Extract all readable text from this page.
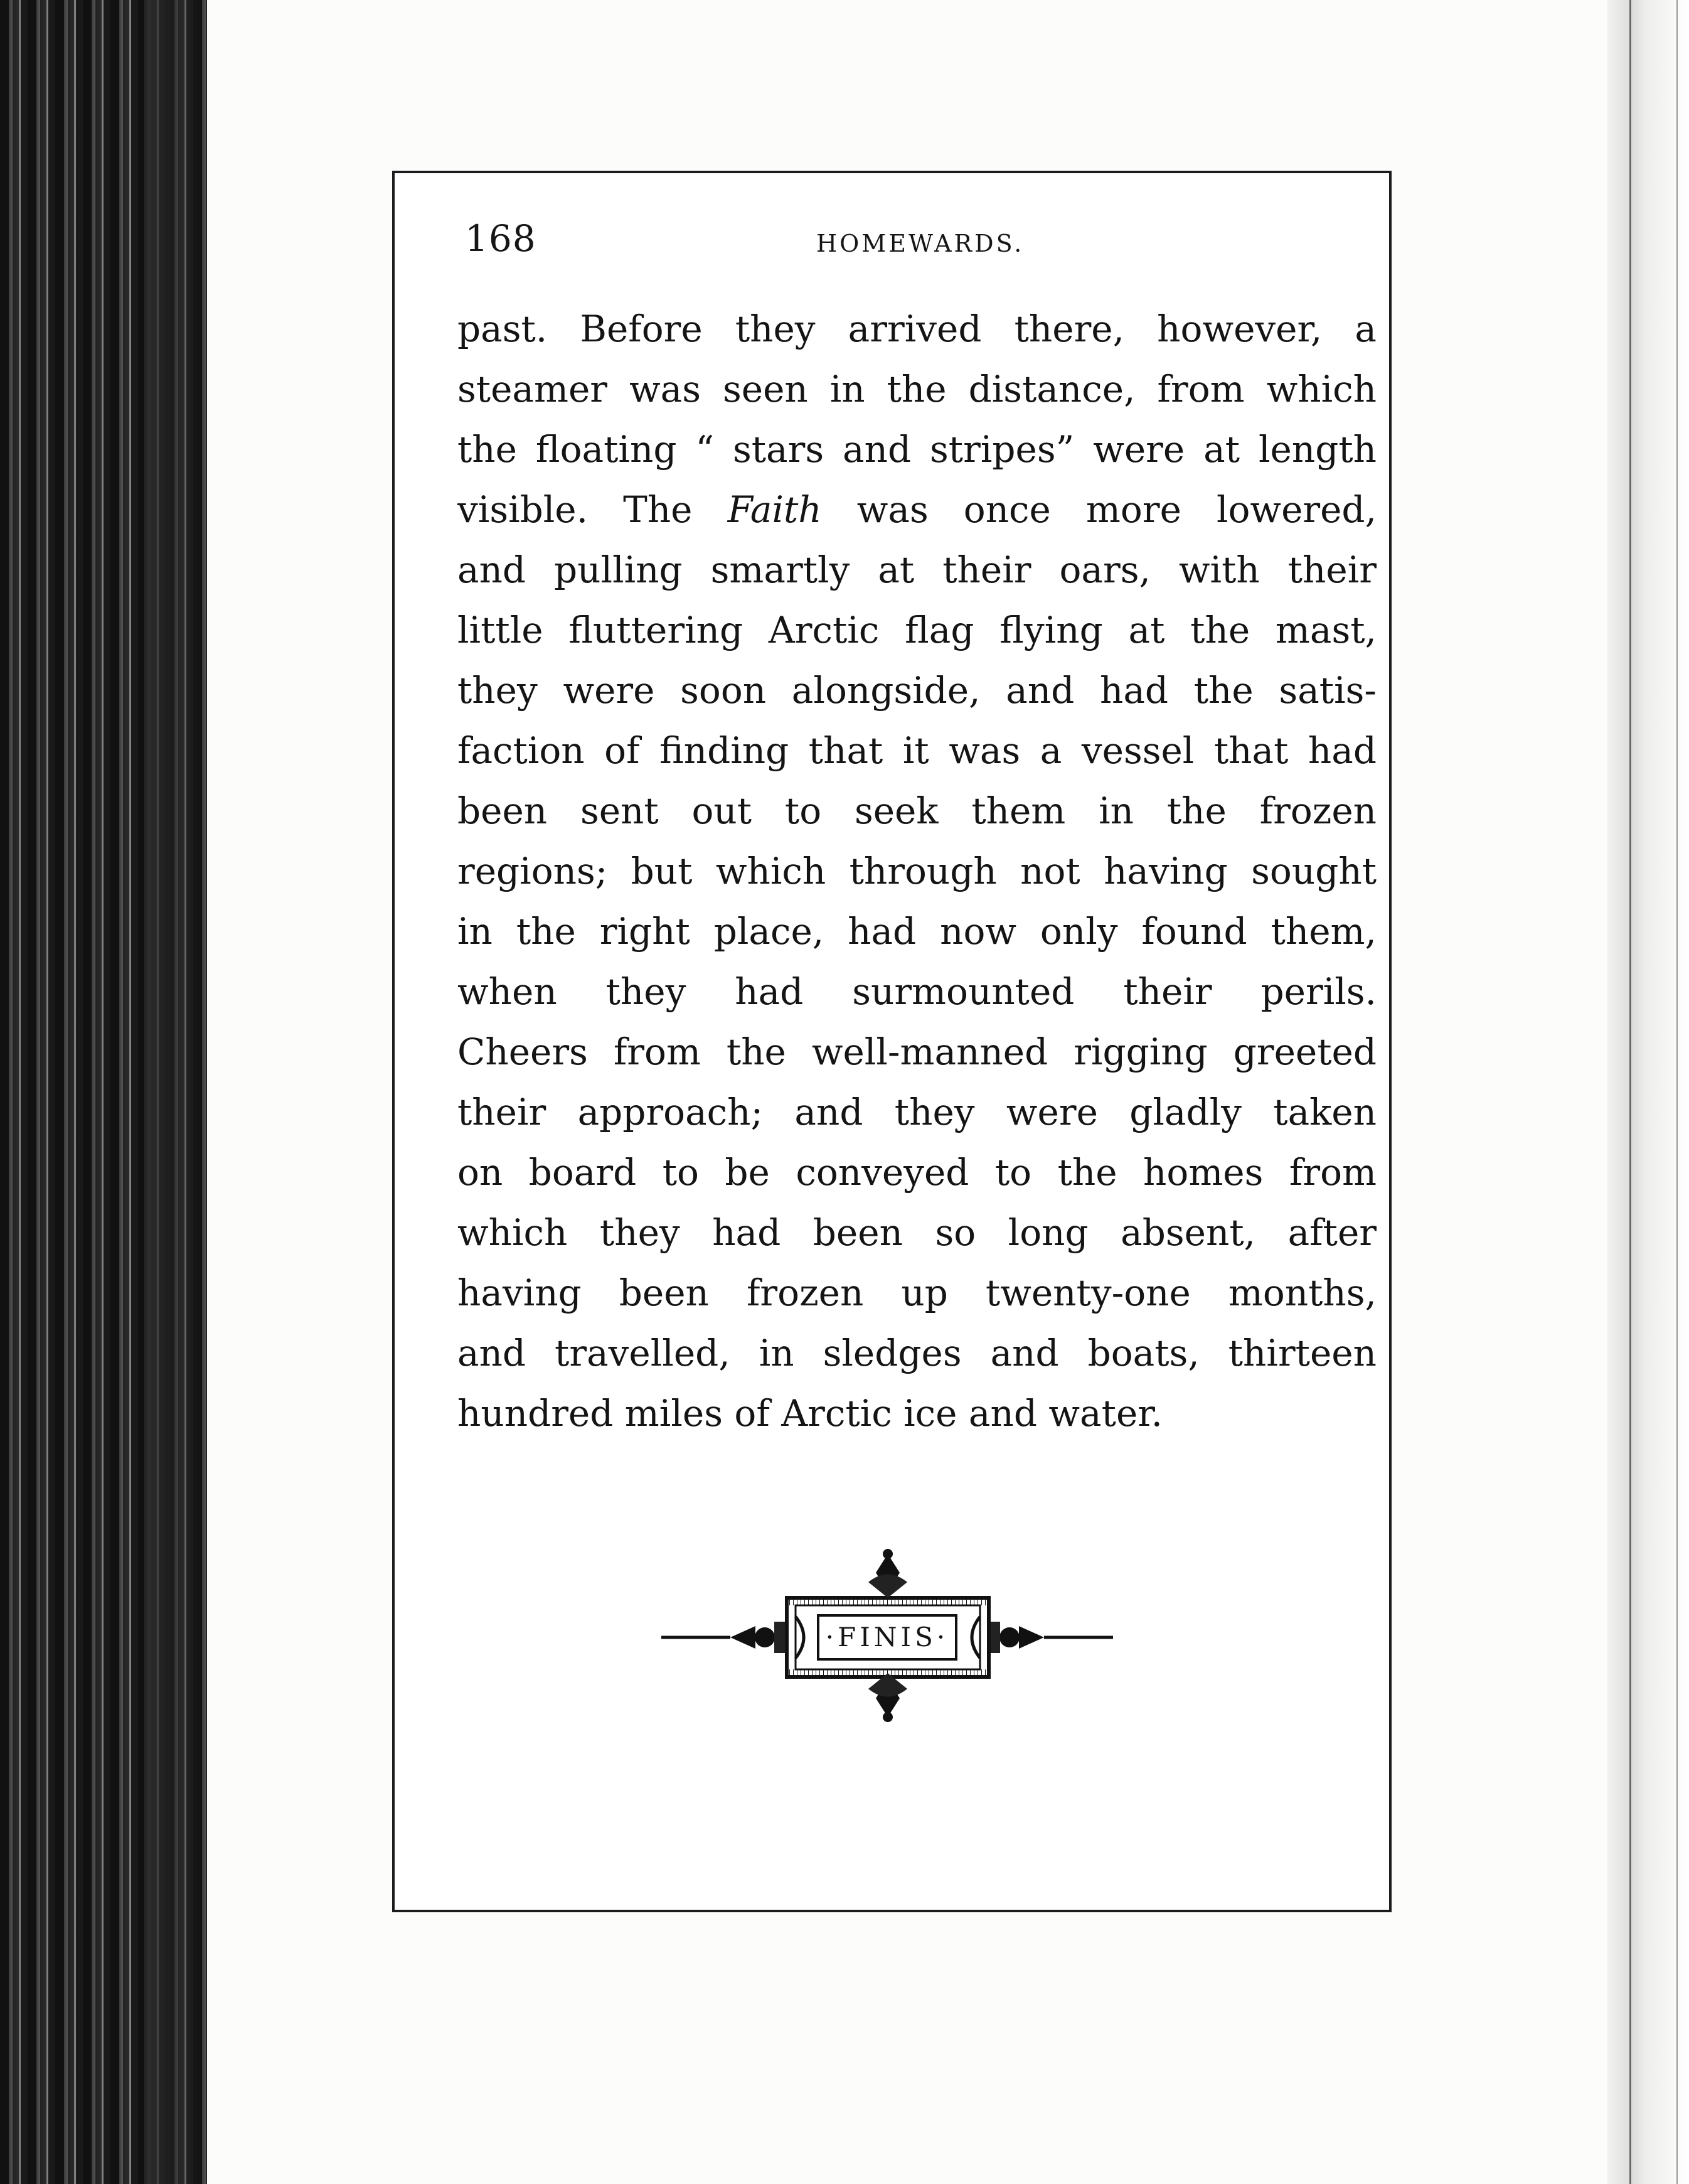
168	HOMEWARDS.
past. Before they arrived there, however, a
steamer was seen in the distance, from which
the floating “ stars and stripes” were at length
visible. The Faith was once more lowered,
and pulling smartly at their oars, with their
little fluttering Arctic flag flying at the mast,
they were soon alongside, and had the satis-
faction of finding that it was a vessel that had
been sent out to seek them in the frozen
regions; but which through not having sought
in the right place, had now only found them,
when they had surmounted their perils.
Cheers from the well-manned rigging greeted
their approach; and they were gladly taken
on board to be conveyed to the homes from
which they had been so long absent, after
having been frozen up twenty-one months,
and travelled, in sledges and boats, thirteen
hundred miles of Arctic ice and water.
·FINIS·
